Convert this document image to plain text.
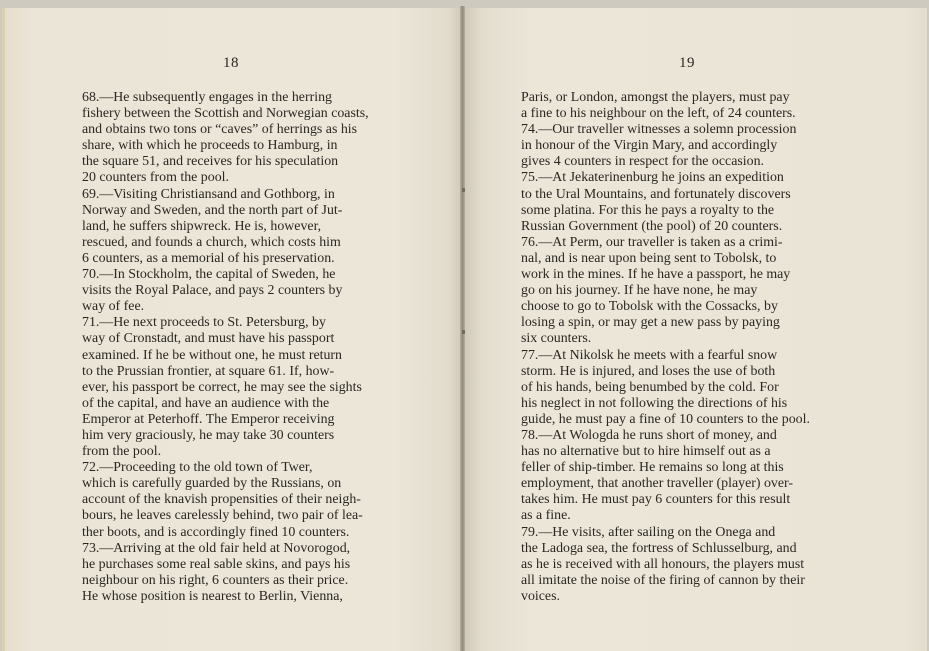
18
68.—He subsequently engages in the herring
fishery between the Scottish and Norwegian coasts,
and obtains two tons or “caves” of herrings as his
share, with which he proceeds to Hamburg, in
the square 51, and receives for his speculation
20 counters from the pool.
69.—Visiting Christiansand and Gothborg, in
Norway and Sweden, and the north part of Jut-
land, he suffers shipwreck. He is, however,
rescued, and founds a church, which costs him
6 counters, as a memorial of his preservation.
70.—In Stockholm, the capital of Sweden, he
visits the Royal Palace, and pays 2 counters by
way of fee.
71.—He next proceeds to St. Petersburg, by
way of Cronstadt, and must have his passport
examined. If he be without one, he must return
to the Prussian frontier, at square 61. If, how-
ever, his passport be correct, he may see the sights
of the capital, and have an audience with the
Emperor at Peterhoff. The Emperor receiving
him very graciously, he may take 30 counters
from the pool.
72.—Proceeding to the old town of Twer,
which is carefully guarded by the Russians, on
account of the knavish propensities of their neigh-
bours, he leaves carelessly behind, two pair of lea-
ther boots, and is accordingly fined 10 counters.
73.—Arriving at the old fair held at Novorogod,
he purchases some real sable skins, and pays his
neighbour on his right, 6 counters as their price.
He whose position is nearest to Berlin, Vienna,
19
Paris, or London, amongst the players, must pay
a fine to his neighbour on the left, of 24 counters.
74.—Our traveller witnesses a solemn procession
in honour of the Virgin Mary, and accordingly
gives 4 counters in respect for the occasion.
75.—At Jekaterinenburg he joins an expedition
to the Ural Mountains, and fortunately discovers
some platina. For this he pays a royalty to the
Russian Government (the pool) of 20 counters.
76.—At Perm, our traveller is taken as a crimi-
nal, and is near upon being sent to Tobolsk, to
work in the mines. If he have a passport, he may
go on his journey. If he have none, he may
choose to go to Tobolsk with the Cossacks, by
losing a spin, or may get a new pass by paying
six counters.
77.—At Nikolsk he meets with a fearful snow
storm. He is injured, and loses the use of both
of his hands, being benumbed by the cold. For
his neglect in not following the directions of his
guide, he must pay a fine of 10 counters to the pool.
78.—At Wologda he runs short of money, and
has no alternative but to hire himself out as a
feller of ship-timber. He remains so long at this
employment, that another traveller (player) over-
takes him. He must pay 6 counters for this result
as a fine.
79.—He visits, after sailing on the Onega and
the Ladoga sea, the fortress of Schlusselburg, and
as he is received with all honours, the players must
all imitate the noise of the firing of cannon by their
voices.
